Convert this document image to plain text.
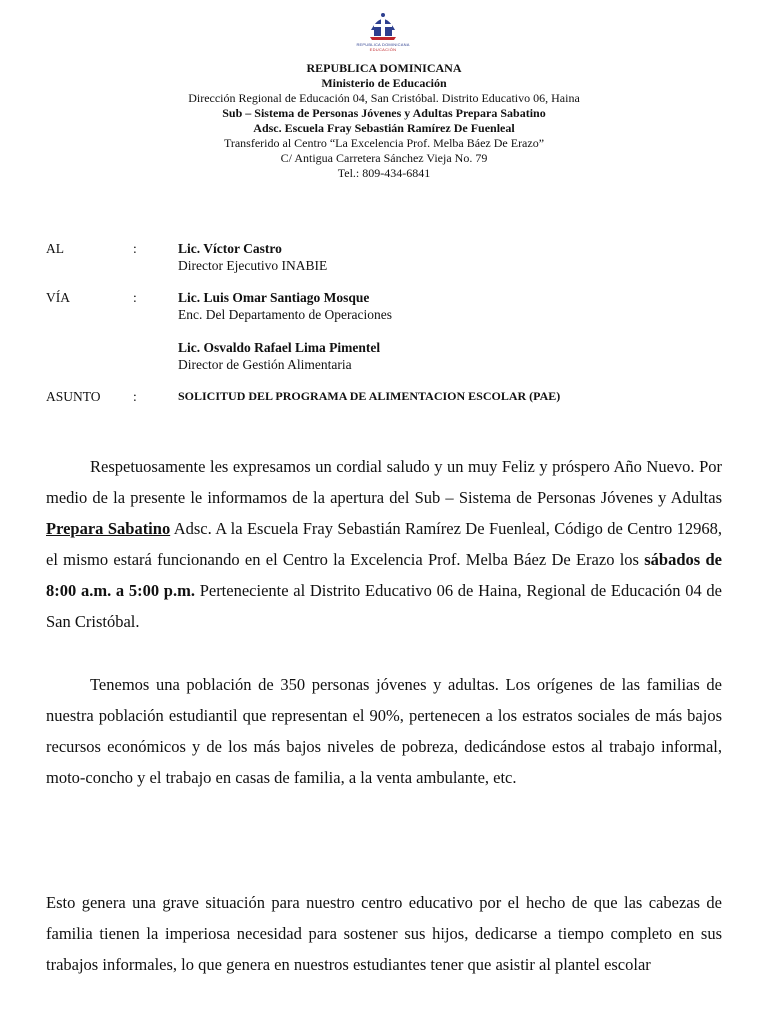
REPUBLICA DOMINICANA
EDUCACIÓN
REPUBLICA DOMINICANA
Ministerio de Educación
Dirección Regional de Educación 04, San Cristóbal. Distrito Educativo 06, Haina
Sub – Sistema de Personas Jóvenes y Adultas Prepara Sabatino
Adsc. Escuela Fray Sebastián Ramírez De Fuenleal
Transferido al Centro “La Excelencia Prof. Melba Báez De Erazo”
C/ Antigua Carretera Sánchez Vieja No. 79
Tel.: 809-434-6841
AL	:	Lic. Víctor Castro
Director Ejecutivo INABIE
VÍA	:	Lic. Luis Omar Santiago Mosque
Enc. Del Departamento de Operaciones
Lic. Osvaldo Rafael Lima Pimentel
Director de Gestión Alimentaria
ASUNTO :	SOLICITUD DEL PROGRAMA DE ALIMENTACION ESCOLAR (PAE)
Respetuosamente les expresamos un cordial saludo y un muy Feliz y próspero Año Nuevo. Por medio de la presente le informamos de la apertura del Sub – Sistema de Personas Jóvenes y Adultas Prepara Sabatino Adsc. A la Escuela Fray Sebastián Ramírez De Fuenleal, Código de Centro 12968, el mismo estará funcionando en el Centro la Excelencia Prof. Melba Báez De Erazo los sábados de 8:00 a.m. a 5:00 p.m. Perteneciente al Distrito Educativo 06 de Haina, Regional de Educación 04 de San Cristóbal.
Tenemos una población de 350 personas jóvenes y adultas. Los orígenes de las familias de nuestra población estudiantil que representan el 90%, pertenecen a los estratos sociales de más bajos recursos económicos y de los más bajos niveles de pobreza, dedicándose estos al trabajo informal, moto-concho y el trabajo en casas de familia, a la venta ambulante, etc.
Esto genera una grave situación para nuestro centro educativo por el hecho de que las cabezas de familia tienen la imperiosa necesidad para sostener sus hijos, dedicarse a tiempo completo en sus trabajos informales, lo que genera en nuestros estudiantes tener que asistir al plantel escolar
